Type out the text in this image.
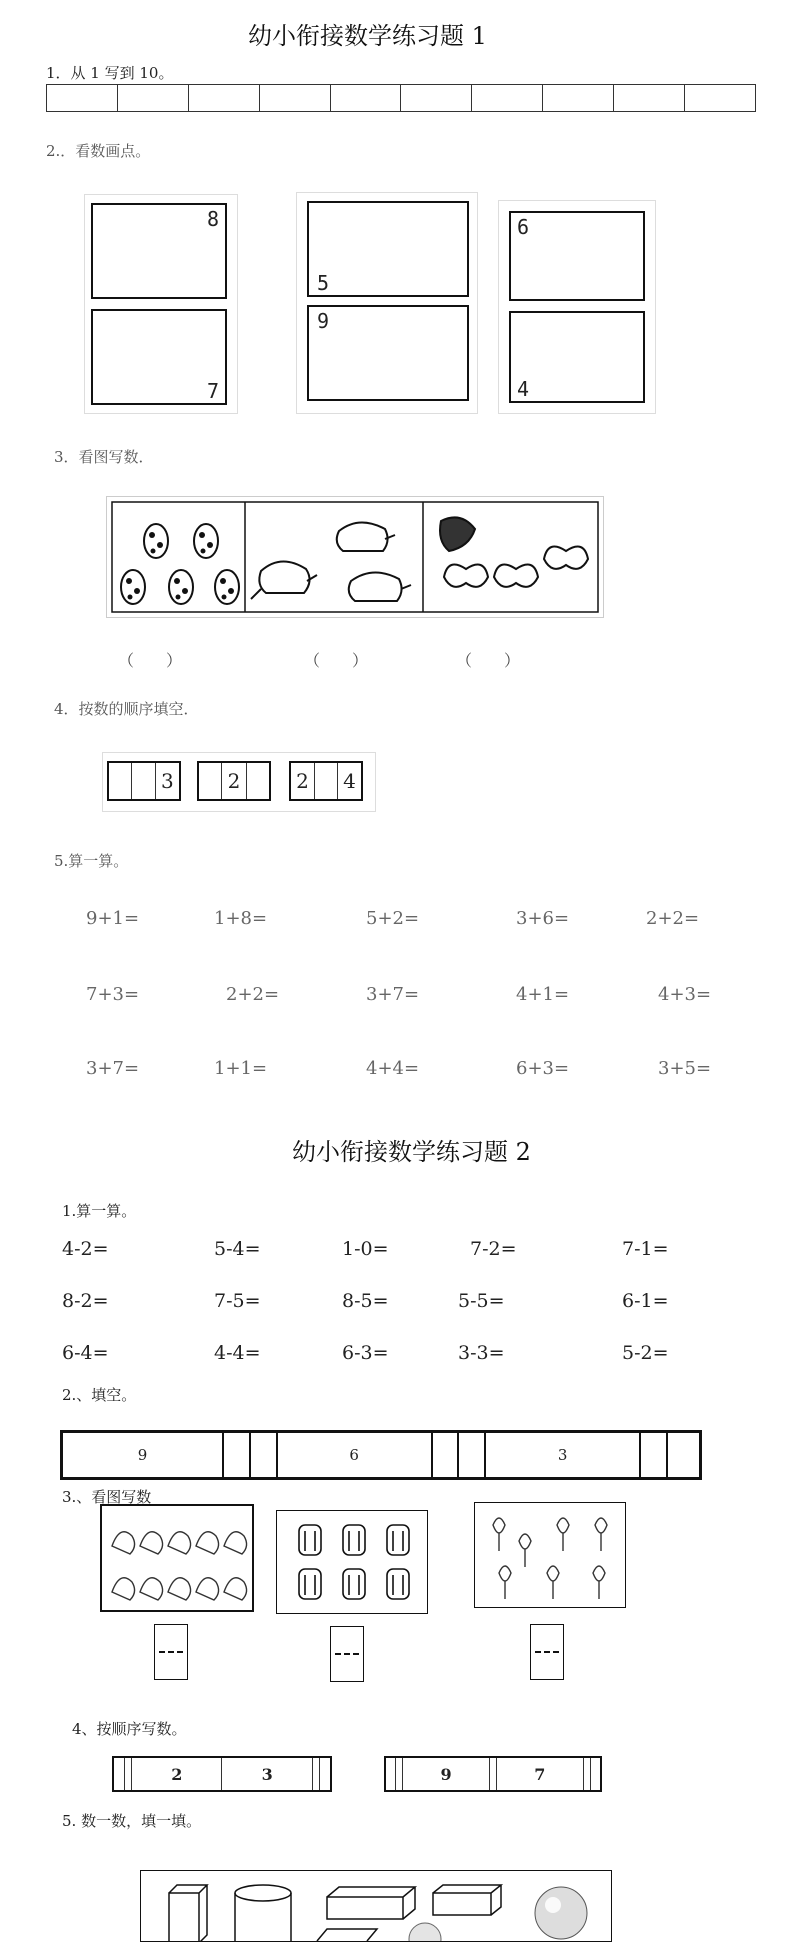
幼小衔接数学练习题 1
1．从 1 写到 10。

2.．看数画点。
8
7
5
9
6
4
3．看图写数．
（　　）	（　　）	（　　）
4．按数的顺序填空．
		3
		2		2		4
5.算一算。
9+1=	1+8=	5+2=	3+6=	2+2=
7+3=	2+2=	3+7=	4+1=	4+3=
3+7=	1+1=	4+4=	6+3=	3+5=
幼小衔接数学练习题 2
1.算一算。
4-2=	5-4=	1-0=	7-2=	7-1=
8-2=	7-5=	8-5=	5-5=	6-1=
6-4=	4-4=	6-3=	3-3=	5-2=
2.、填空。
9			6			3		
3.、看图写数
4、按顺序写数。
		2	3		
			9		7		
5. 数一数，填一填。
